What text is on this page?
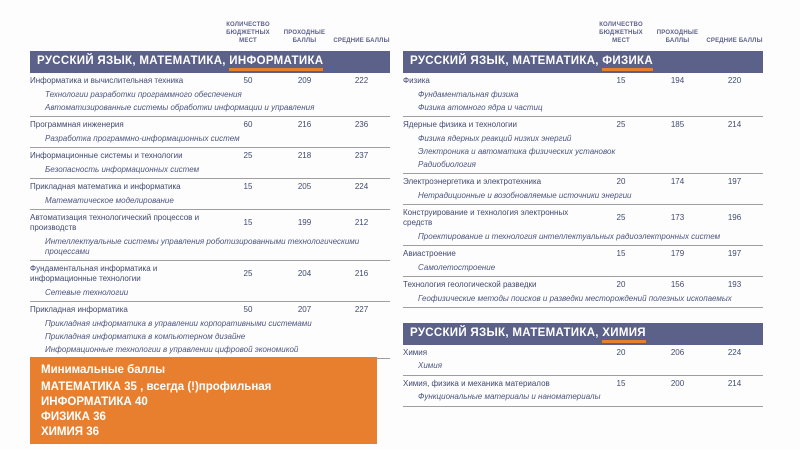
КОЛИЧЕСТВО БЮДЖЕТНЫХ МЕСТ
ПРОХОДНЫЕ БАЛЛЫ	СРЕДНИЕ БАЛЛЫ
РУССКИЙ ЯЗЫК, МАТЕМАТИКА, ИНФОРМАТИКА
Информатика и вычислительная техника	50	209	222
Технологии разработки программного обеспечения
Автоматизированные системы обработки информации и управления
Программная инженерия	60	216	236
Разработка программно-информационных систем
Информационные системы и технологии	25	218	237
Безопасность информационных систем
Прикладная математика и информатика	15	205	224
Математическое моделирование
Автоматизация технологический процессов и производств
15	199	212
Интеллектуальные системы управления роботизированными технологическими процессами
Фундаментальная информатика и информационные технологии
25	204	216
Сетевые технологии
Прикладная информатика	50	207	227
Прикладная информатика в управлении корпоративными системами
Прикладная информатика в компьютерном дизайне
Информационные технологии в управлении цифровой экономикой
КОЛИЧЕСТВО БЮДЖЕТНЫХ МЕСТ
ПРОХОДНЫЕ БАЛЛЫ	СРЕДНИЕ БАЛЛЫ
РУССКИЙ ЯЗЫК, МАТЕМАТИКА, ФИЗИКА
Физика	15	194	220
Фундаментальная физика
Физика атомного ядра и частиц
Ядерные физика и технологии	25	185	214
Физика ядерных реакций низких энергий
Электроника и автоматика физических установок
Радиобиология
Электроэнергетика и электротехника	20	174	197
Нетрадиционные и возобновляемые источники энергии
Конструирование и технология электронных средств
25	173	196
Проектирование и технология интеллектуальных радиоэлектронных систем
Авиастроение	15	179	197
Самолетостроение
Технология геологической разведки	20	156	193
Геофизические методы поисков и разведки месторождений полезных ископаемых
РУССКИЙ ЯЗЫК, МАТЕМАТИКА, ХИМИЯ
Химия	20	206	224
Химия
Химия, физика и механика материалов	15	200	214
Функциональные материалы и наноматериалы
Минимальные баллы
МАТЕМАТИКА 35 , всегда (!)профильная
ИНФОРМАТИКА 40
ФИЗИКА 36
ХИМИЯ 36
